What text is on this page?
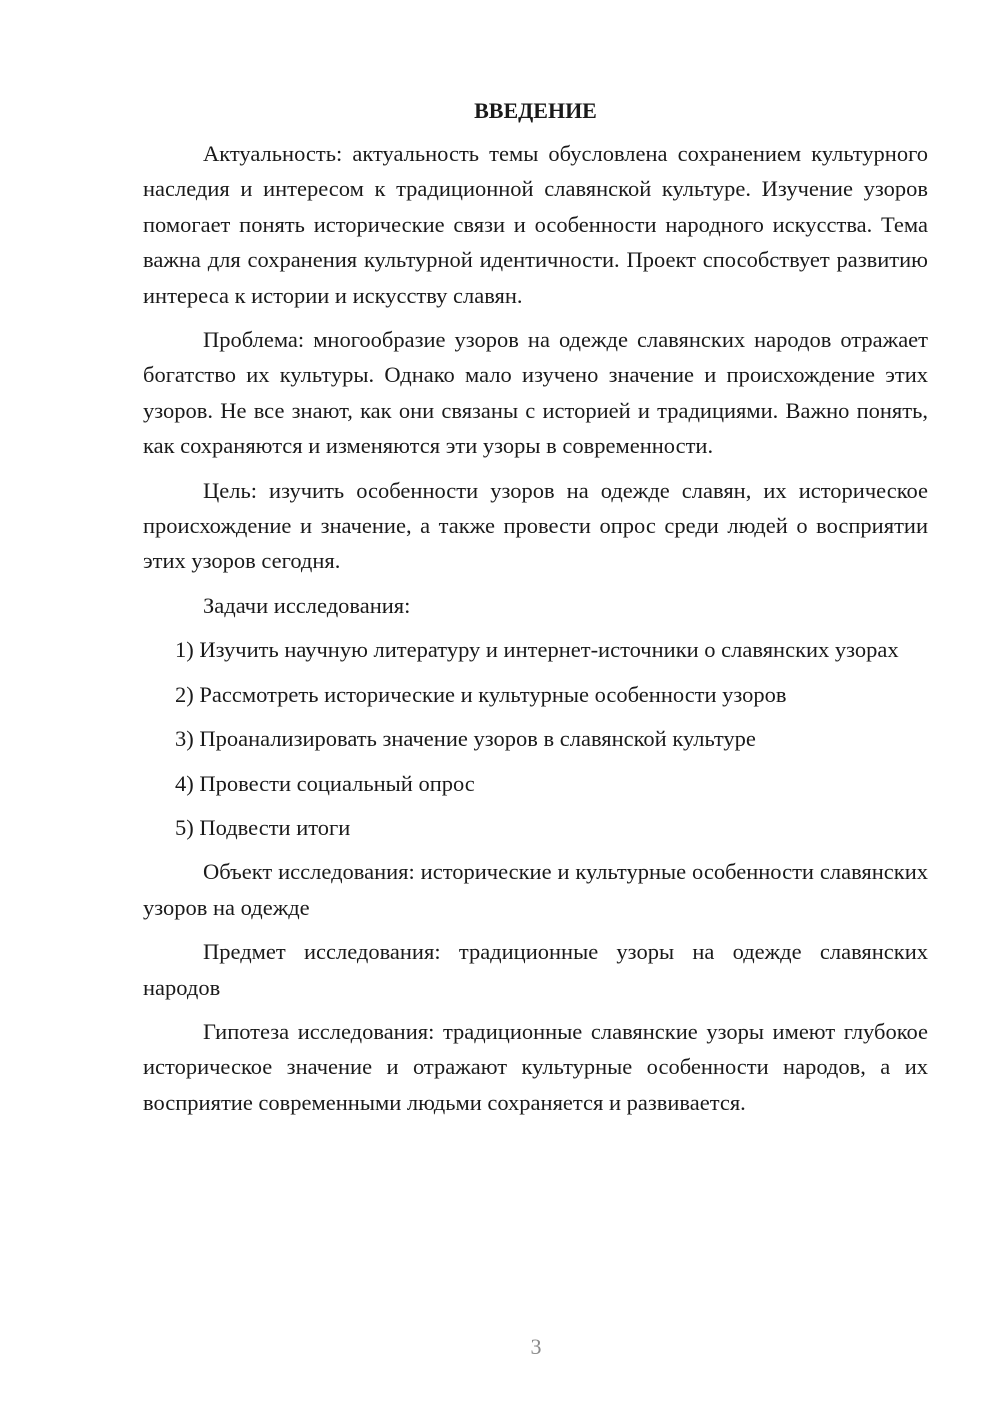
ВВЕДЕНИЕ

Актуальность: актуальность темы обусловлена сохранением культурного наследия и интересом к традиционной славянской культуре. Изучение узоров помогает понять исторические связи и особенности народного искусства. Тема важна для сохранения культурной идентичности. Проект способствует развитию интереса к истории и искусству славян.

Проблема: многообразие узоров на одежде славянских народов отражает богатство их культуры. Однако мало изучено значение и происхождение этих узоров. Не все знают, как они связаны с историей и традициями. Важно понять, как сохраняются и изменяются эти узоры в современности.

Цель: изучить особенности узоров на одежде славян, их историческое происхождение и значение, а также провести опрос среди людей о восприятии этих узоров сегодня.

Задачи исследования:

1) Изучить научную литературу и интернет-источники о славянских узорах

2) Рассмотреть исторические и культурные особенности узоров

3) Проанализировать значение узоров в славянской культуре

4) Провести социальный опрос

5) Подвести итоги

Объект исследования: исторические и культурные особенности славянских узоров на одежде

Предмет исследования: традиционные узоры на одежде славянских народов

Гипотеза исследования: традиционные славянские узоры имеют глубокое историческое значение и отражают культурные особенности народов, а их восприятие современными людьми сохраняется и развивается.

3
